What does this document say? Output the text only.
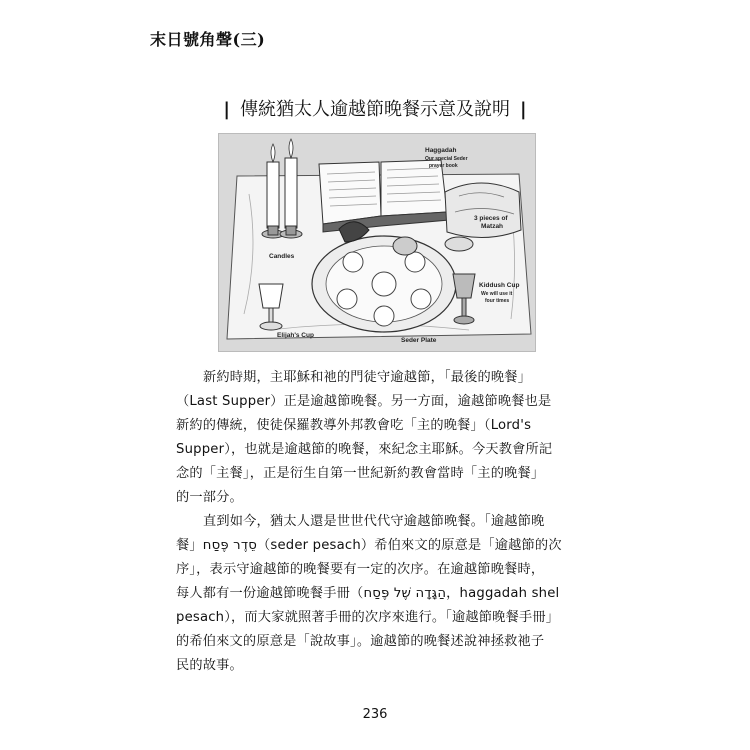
末日號角聲(三)
| 傳統猶太人逾越節晚餐示意及說明 |
Haggadah
Our special Seder
prayer book
3 pieces of
Matzah
Candles
Kiddush Cup
We will use it
four times
Elijah's Cup
Seder Plate
新約時期，主耶穌和祂的門徒守逾越節，「最後的晚餐」
（Last Supper）正是逾越節晚餐。另一方面，逾越節晚餐也是
新約的傳統，使徒保羅教導外邦教會吃「主的晚餐」（Lord's
Supper），也就是逾越節的晚餐，來紀念主耶穌。今天教會所記
念的「主餐」，正是衍生自第一世紀新約教會當時「主的晚餐」
的一部分。
直到如今，猶太人還是世世代代守逾越節晚餐。「逾越節晚
餐」סֵדֶר פֶּסַח（seder pesach）希伯來文的原意是「逾越節的次
序」，表示守逾越節的晚餐要有一定的次序。在逾越節晚餐時，
每人都有一份逾越節晚餐手冊（הַגָּדָה שֶׁל פֶּסַח，haggadah shel
pesach），而大家就照著手冊的次序來進行。「逾越節晚餐手冊」
的希伯來文的原意是「說故事」。逾越節的晚餐述說神拯救祂子
民的故事。
236
